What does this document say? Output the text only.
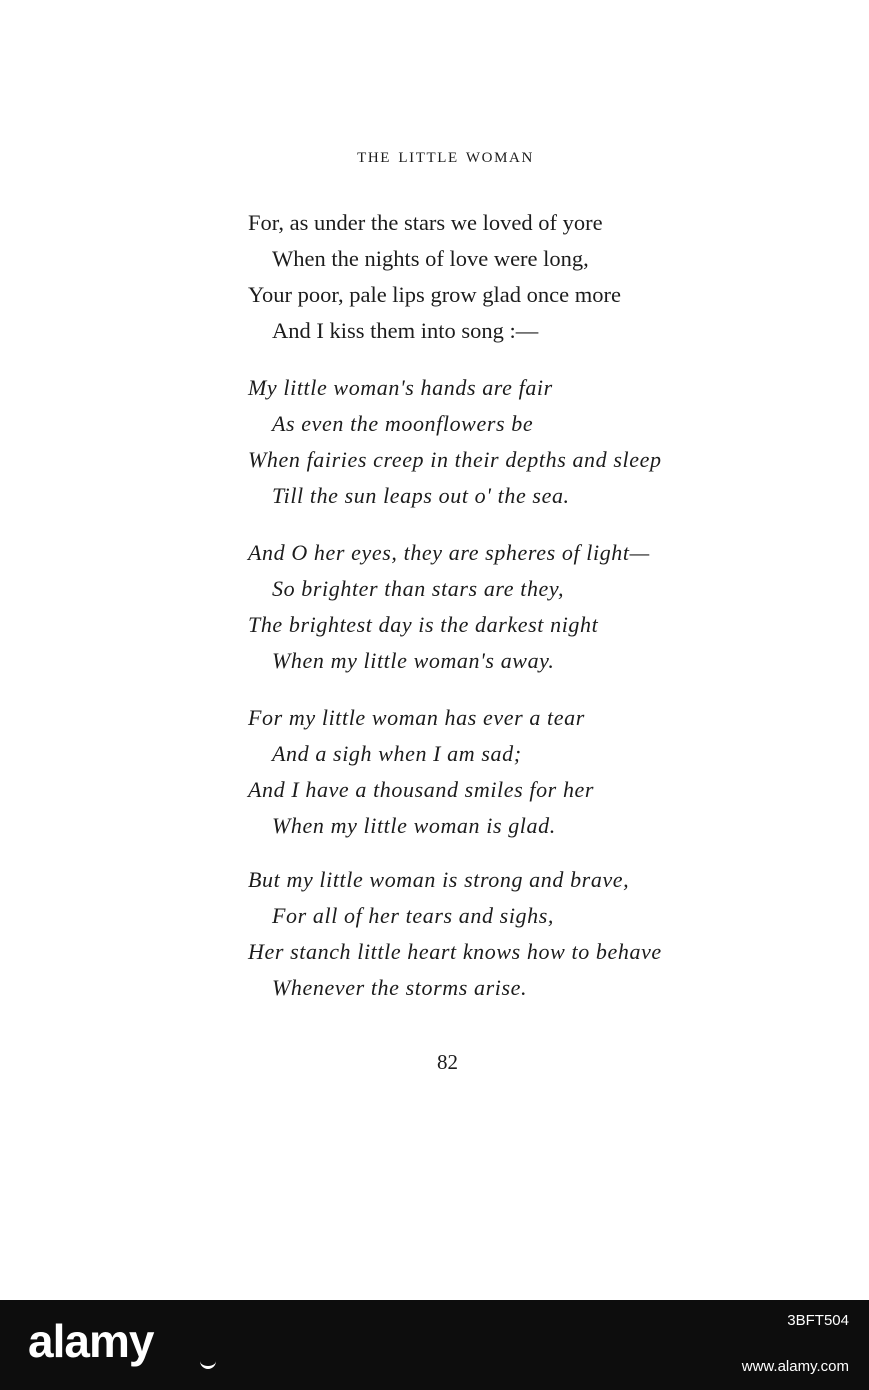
THE LITTLE WOMAN
For, as under the stars we loved of yore
When the nights of love were long,
Your poor, pale lips grow glad once more
And I kiss them into song :—
My little woman's hands are fair
As even the moonflowers be
When fairies creep in their depths and sleep
Till the sun leaps out o' the sea.
And O her eyes, they are spheres of light—
So brighter than stars are they,
The brightest day is the darkest night
When my little woman's away.
For my little woman has ever a tear
And a sigh when I am sad;
And I have a thousand smiles for her
When my little woman is glad.
But my little woman is strong and brave,
For all of her tears and sighs,
Her stanch little heart knows how to behave
Whenever the storms arise.
82
alamy	3BFT504
www.alamy.com
